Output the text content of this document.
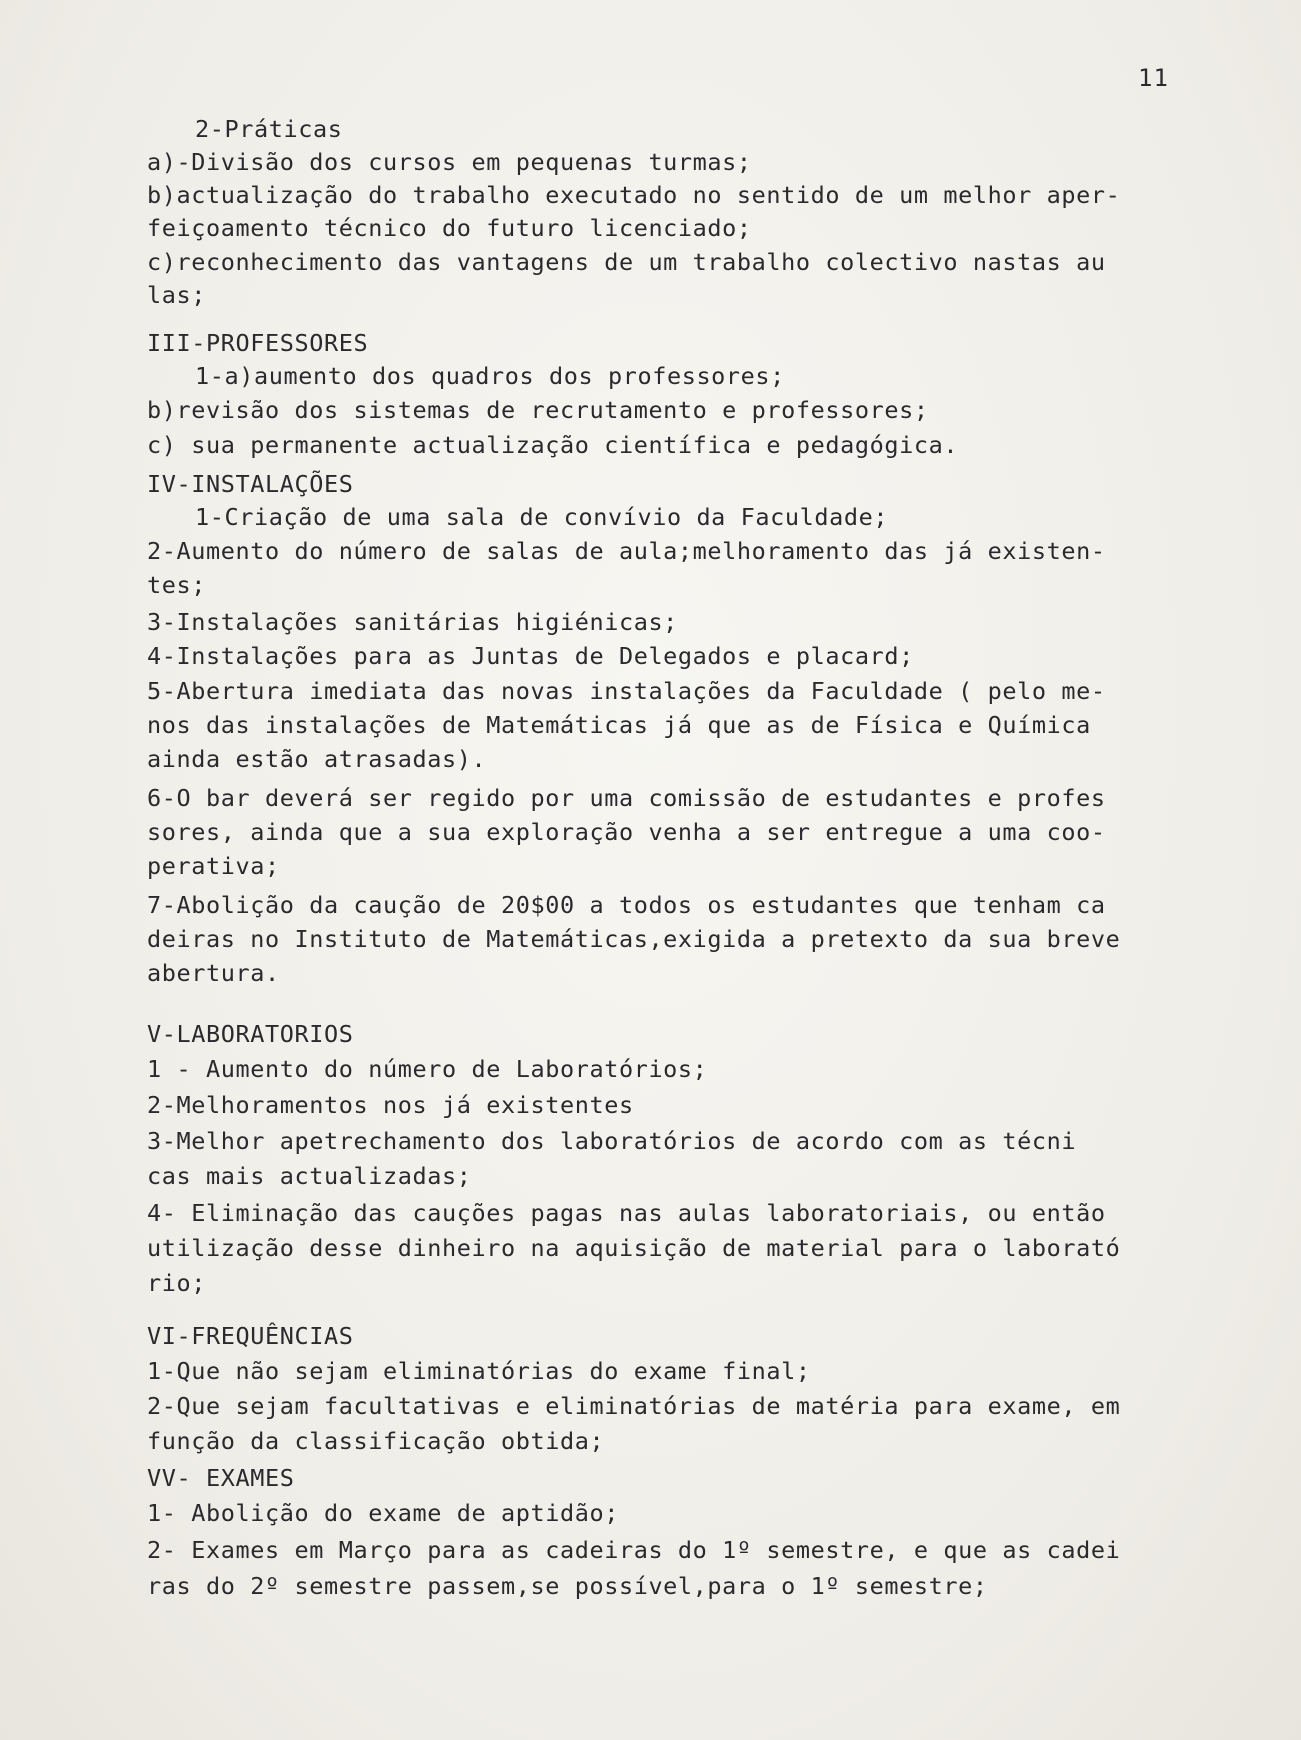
11
2-Práticas
a)-Divisão dos cursos em pequenas turmas;
b)actualização do trabalho executado no sentido de um melhor aper-
feiçoamento técnico do futuro licenciado;
c)reconhecimento das vantagens de um trabalho colectivo nastas au
las;
III-PROFESSORES
1-a)aumento dos quadros dos professores;
b)revisão dos sistemas de recrutamento e professores;
c) sua permanente actualização científica e pedagógica.
IV-INSTALAÇÕES
1-Criação de uma sala de convívio da Faculdade;
2-Aumento do número de salas de aula;melhoramento das já existen-
tes;
3-Instalações sanitárias higiénicas;
4-Instalações para as Juntas de Delegados e placard;
5-Abertura imediata das novas instalações da Faculdade ( pelo me-
nos das instalações de Matemáticas já que as de Física e Química
ainda estão atrasadas).
6-O bar deverá ser regido por uma comissão de estudantes e profes
sores, ainda que a sua exploração venha a ser entregue a uma coo-
perativa;
7-Abolição da caução de 20$00 a todos os estudantes que tenham ca
deiras no Instituto de Matemáticas,exigida a pretexto da sua breve
abertura.
V-LABORATORIOS
1 - Aumento do número de Laboratórios;
2-Melhoramentos nos já existentes
3-Melhor apetrechamento dos laboratórios de acordo com as técni
cas mais actualizadas;
4- Eliminação das cauções pagas nas aulas laboratoriais, ou então
utilização desse dinheiro na aquisição de material para o laborató
rio;
VI-FREQUÊNCIAS
1-Que não sejam eliminatórias do exame final;
2-Que sejam facultativas e eliminatórias de matéria para exame, em
função da classificação obtida;
VV- EXAMES
1- Abolição do exame de aptidão;
2- Exames em Março para as cadeiras do 1º semestre, e que as cadei
ras do 2º semestre passem,se possível,para o 1º semestre;
